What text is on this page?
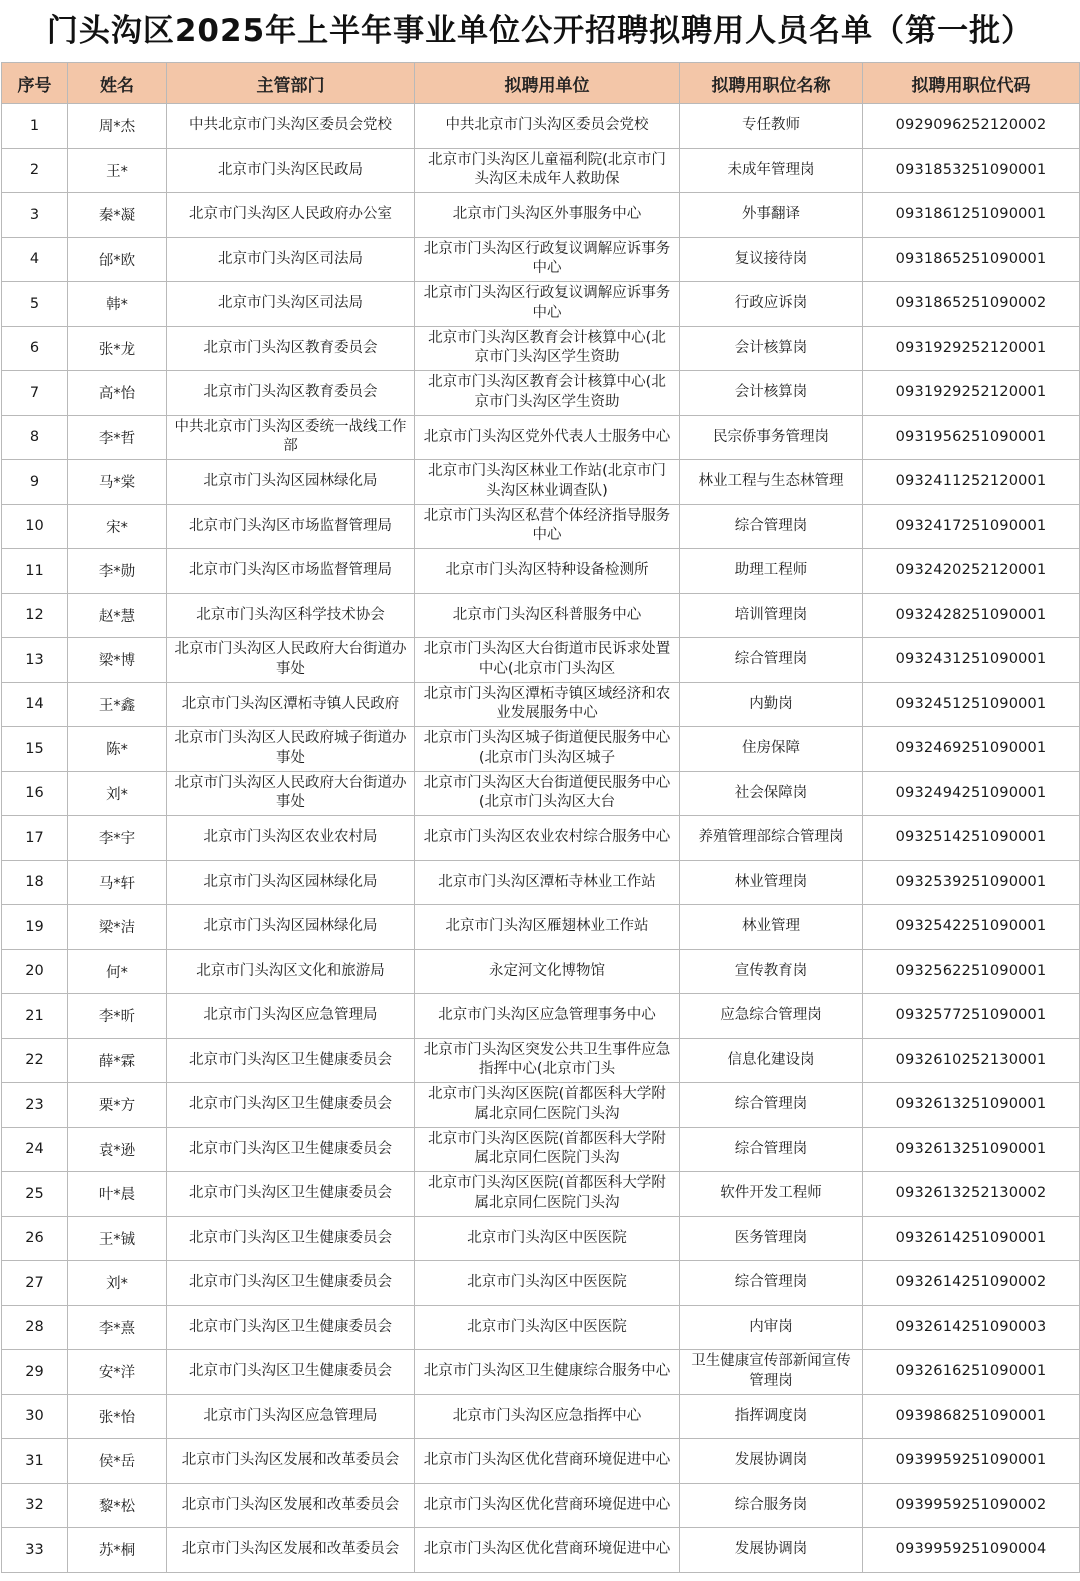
门头沟区2025年上半年事业单位公开招聘拟聘用人员名单（第一批）
序号	姓名	主管部门	拟聘用单位	拟聘用职位名称	拟聘用职位代码
1	周*杰	中共北京市门头沟区委员会党校	中共北京市门头沟区委员会党校	专任教师	0929096252120002

2	王*	北京市门头沟区民政局	北京市门头沟区儿童福利院(北京市门头沟区未成年人救助保	未成年管理岗	0931853251090001

3	秦*凝	北京市门头沟区人民政府办公室	北京市门头沟区外事服务中心	外事翻译	0931861251090001

4	邰*欧	北京市门头沟区司法局	北京市门头沟区行政复议调解应诉事务中心	复议接待岗	0931865251090001

5	韩*	北京市门头沟区司法局	北京市门头沟区行政复议调解应诉事务中心	行政应诉岗	0931865251090002

6	张*龙	北京市门头沟区教育委员会	北京市门头沟区教育会计核算中心(北京市门头沟区学生资助	会计核算岗	0931929252120001

7	高*怡	北京市门头沟区教育委员会	北京市门头沟区教育会计核算中心(北京市门头沟区学生资助	会计核算岗	0931929252120001

8	李*哲	中共北京市门头沟区委统一战线工作部	北京市门头沟区党外代表人士服务中心	民宗侨事务管理岗	0931956251090001

9	马*棠	北京市门头沟区园林绿化局	北京市门头沟区林业工作站(北京市门头沟区林业调查队)	林业工程与生态林管理	0932411252120001

10	宋*	北京市门头沟区市场监督管理局	北京市门头沟区私营个体经济指导服务中心	综合管理岗	0932417251090001

11	李*勋	北京市门头沟区市场监督管理局	北京市门头沟区特种设备检测所	助理工程师	0932420252120001

12	赵*慧	北京市门头沟区科学技术协会	北京市门头沟区科普服务中心	培训管理岗	0932428251090001

13	梁*博	北京市门头沟区人民政府大台街道办事处	北京市门头沟区大台街道市民诉求处置中心(北京市门头沟区	综合管理岗	0932431251090001

14	王*鑫	北京市门头沟区潭柘寺镇人民政府	北京市门头沟区潭柘寺镇区域经济和农业发展服务中心	内勤岗	0932451251090001

15	陈*	北京市门头沟区人民政府城子街道办事处	北京市门头沟区城子街道便民服务中心(北京市门头沟区城子	住房保障	0932469251090001

16	刘*	北京市门头沟区人民政府大台街道办事处	北京市门头沟区大台街道便民服务中心(北京市门头沟区大台	社会保障岗	0932494251090001

17	李*宇	北京市门头沟区农业农村局	北京市门头沟区农业农村综合服务中心	养殖管理部综合管理岗	0932514251090001

18	马*轩	北京市门头沟区园林绿化局	北京市门头沟区潭柘寺林业工作站	林业管理岗	0932539251090001

19	梁*洁	北京市门头沟区园林绿化局	北京市门头沟区雁翅林业工作站	林业管理	0932542251090001

20	何*	北京市门头沟区文化和旅游局	永定河文化博物馆	宣传教育岗	0932562251090001

21	李*昕	北京市门头沟区应急管理局	北京市门头沟区应急管理事务中心	应急综合管理岗	0932577251090001

22	薛*霖	北京市门头沟区卫生健康委员会	北京市门头沟区突发公共卫生事件应急指挥中心(北京市门头	信息化建设岗	0932610252130001

23	栗*方	北京市门头沟区卫生健康委员会	北京市门头沟区医院(首都医科大学附属北京同仁医院门头沟	综合管理岗	0932613251090001

24	袁*逊	北京市门头沟区卫生健康委员会	北京市门头沟区医院(首都医科大学附属北京同仁医院门头沟	综合管理岗	0932613251090001

25	叶*晨	北京市门头沟区卫生健康委员会	北京市门头沟区医院(首都医科大学附属北京同仁医院门头沟	软件开发工程师	0932613252130002

26	王*铖	北京市门头沟区卫生健康委员会	北京市门头沟区中医医院	医务管理岗	0932614251090001

27	刘*	北京市门头沟区卫生健康委员会	北京市门头沟区中医医院	综合管理岗	0932614251090002

28	李*熹	北京市门头沟区卫生健康委员会	北京市门头沟区中医医院	内审岗	0932614251090003

29	安*洋	北京市门头沟区卫生健康委员会	北京市门头沟区卫生健康综合服务中心	卫生健康宣传部新闻宣传管理岗	0932616251090001

30	张*怡	北京市门头沟区应急管理局	北京市门头沟区应急指挥中心	指挥调度岗	0939868251090001

31	侯*岳	北京市门头沟区发展和改革委员会	北京市门头沟区优化营商环境促进中心	发展协调岗	0939959251090001

32	黎*松	北京市门头沟区发展和改革委员会	北京市门头沟区优化营商环境促进中心	综合服务岗	0939959251090002

33	苏*桐	北京市门头沟区发展和改革委员会	北京市门头沟区优化营商环境促进中心	发展协调岗	0939959251090004
